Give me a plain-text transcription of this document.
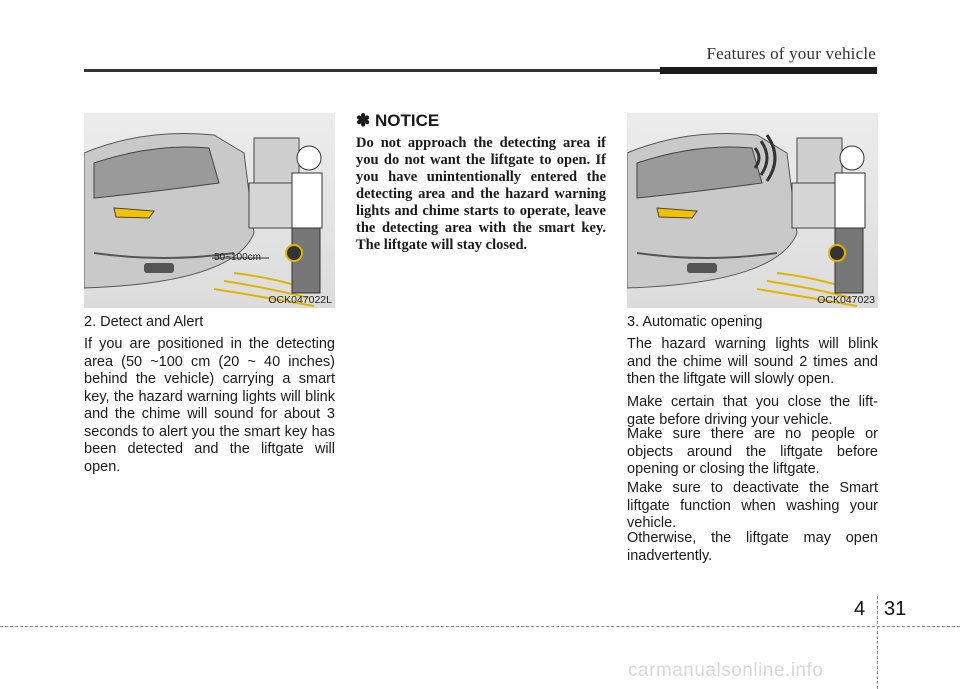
Features of your vehicle
50~100cm
OCK047022L
2. Detect and Alert

If you are positioned in the detecting area (50 ~100 cm (20 ~ 40 inches) behind the vehicle) carrying a smart key, the hazard warning lights will blink and the chime will sound for about 3 seconds to alert you the smart key has been detected and the liftgate will open.

✽ NOTICE

Do not approach the detecting area if you do not want the liftgate to open. If you have unintentionally entered the detecting area and the hazard warning lights and chime starts to operate, leave the detecting area with the smart key. The liftgate will stay closed.

OCK047023
3. Automatic opening

The hazard warning lights will blink and the chime will sound 2 times and then the liftgate will slowly open.

Make certain that you close the lift-gate before driving your vehicle.

Make sure there are no people or objects around the liftgate before opening or closing the liftgate.

Make sure to deactivate the Smart liftgate function when washing your vehicle.

Otherwise, the liftgate may open inadvertently.

4 31
carmanualsonline.info
